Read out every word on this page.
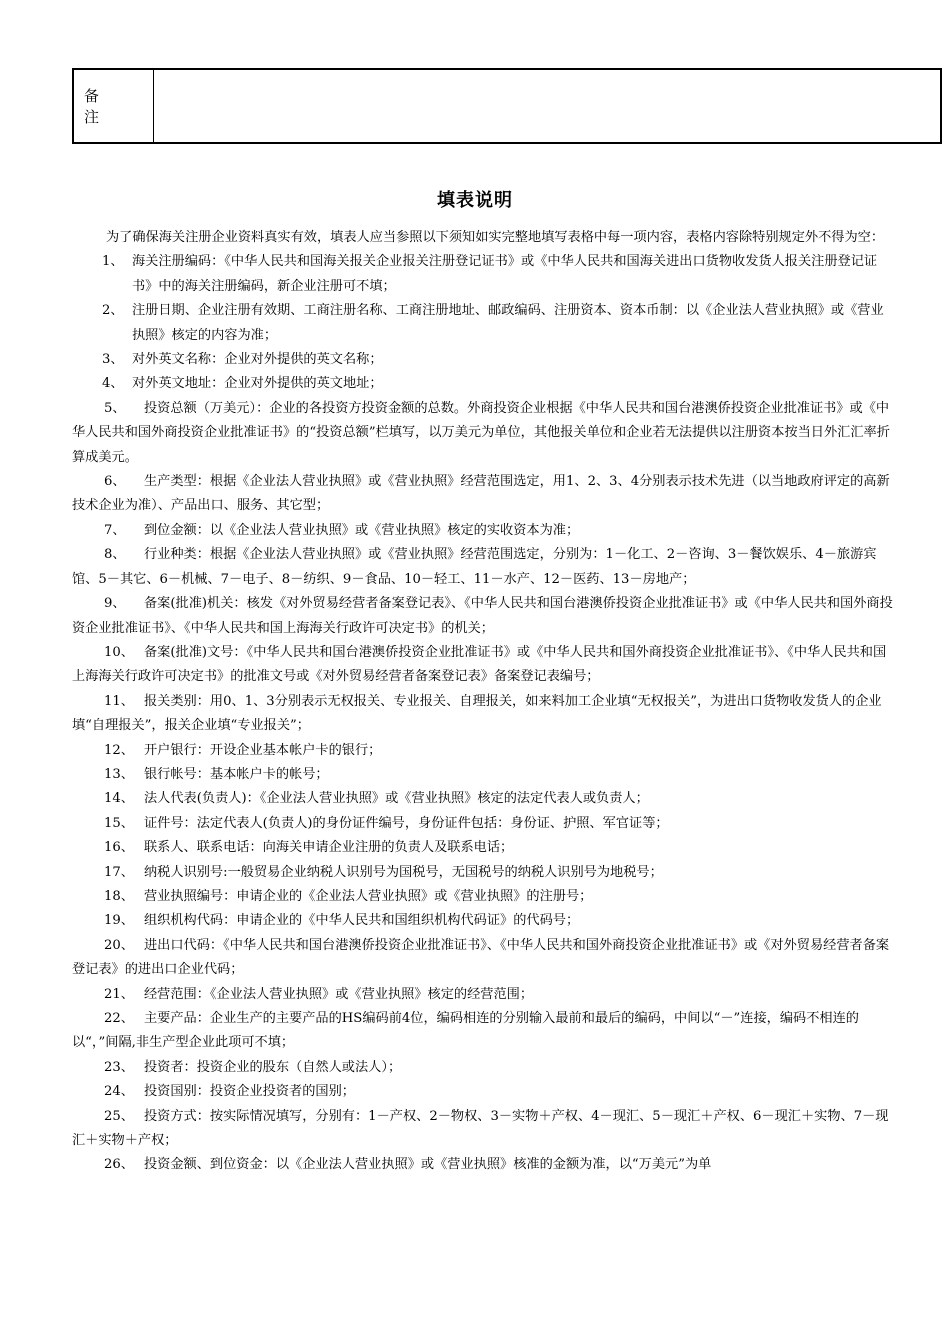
备 注
填表说明

为了确保海关注册企业资料真实有效，填表人应当参照以下须知如实完整地填写表格中每一项内容，表格内容除特别规定外不得为空：

1、 海关注册编码：《中华人民共和国海关报关企业报关注册登记证书》或《中华人民共和国海关进出口货物收发货人报关注册登记证书》中的海关注册编码，新企业注册可不填；

2、 注册日期、企业注册有效期、工商注册名称、工商注册地址、邮政编码、注册资本、资本币制：以《企业法人营业执照》或《营业执照》核定的内容为准；

3、 对外英文名称：企业对外提供的英文名称；

4、 对外英文地址：企业对外提供的英文地址；

5、 投资总额（万美元）：企业的各投资方投资金额的总数。外商投资企业根据《中华人民共和国台港澳侨投资企业批准证书》或《中华人民共和国外商投资企业批准证书》的“投资总额”栏填写，以万美元为单位，其他报关单位和企业若无法提供以注册资本按当日外汇汇率折算成美元。

6、 生产类型：根据《企业法人营业执照》或《营业执照》经营范围选定，用1、2、3、4分别表示技术先进（以当地政府评定的高新技术企业为准）、产品出口、服务、其它型；

7、 到位金额：以《企业法人营业执照》或《营业执照》核定的实收资本为准；

8、 行业种类：根据《企业法人营业执照》或《营业执照》经营范围选定，分别为：1－化工、2－咨询、3－餐饮娱乐、4－旅游宾馆、5－其它、6－机械、7－电子、8－纺织、9－食品、10－轻工、11－水产、12－医药、13－房地产；

9、 备案(批准)机关：核发《对外贸易经营者备案登记表》、《中华人民共和国台港澳侨投资企业批准证书》或《中华人民共和国外商投资企业批准证书》、《中华人民共和国上海海关行政许可决定书》的机关；

10、 备案(批准)文号：《中华人民共和国台港澳侨投资企业批准证书》或《中华人民共和国外商投资企业批准证书》、《中华人民共和国上海海关行政许可决定书》的批准文号或《对外贸易经营者备案登记表》备案登记表编号；

11、 报关类别：用0、1、3分别表示无权报关、专业报关、自理报关，如来料加工企业填“无权报关”，为进出口货物收发货人的企业填“自理报关”，报关企业填“专业报关”；

12、 开户银行：开设企业基本帐户卡的银行；

13、 银行帐号：基本帐户卡的帐号；

14、 法人代表(负责人)：《企业法人营业执照》或《营业执照》核定的法定代表人或负责人；

15、 证件号：法定代表人(负责人)的身份证件编号，身份证件包括：身份证、护照、军官证等；

16、 联系人、联系电话：向海关申请企业注册的负责人及联系电话；

17、 纳税人识别号:一般贸易企业纳税人识别号为国税号，无国税号的纳税人识别号为地税号；

18、 营业执照编号：申请企业的《企业法人营业执照》或《营业执照》的注册号；

19、 组织机构代码：申请企业的《中华人民共和国组织机构代码证》的代码号；

20、 进出口代码：《中华人民共和国台港澳侨投资企业批准证书》、《中华人民共和国外商投资企业批准证书》或《对外贸易经营者备案登记表》的进出口企业代码；

21、 经营范围：《企业法人营业执照》或《营业执照》核定的经营范围；

22、 主要产品：企业生产的主要产品的HS编码前4位，编码相连的分别输入最前和最后的编码，中间以“－”连接，编码不相连的以“，”间隔,非生产型企业此项可不填；

23、 投资者：投资企业的股东（自然人或法人）；

24、 投资国别：投资企业投资者的国别；

25、 投资方式：按实际情况填写，分别有：1－产权、2－物权、3－实物＋产权、4－现汇、5－现汇＋产权、6－现汇＋实物、7－现汇＋实物＋产权；

26、 投资金额、到位资金：以《企业法人营业执照》或《营业执照》核准的金额为准，以“万美元”为单
